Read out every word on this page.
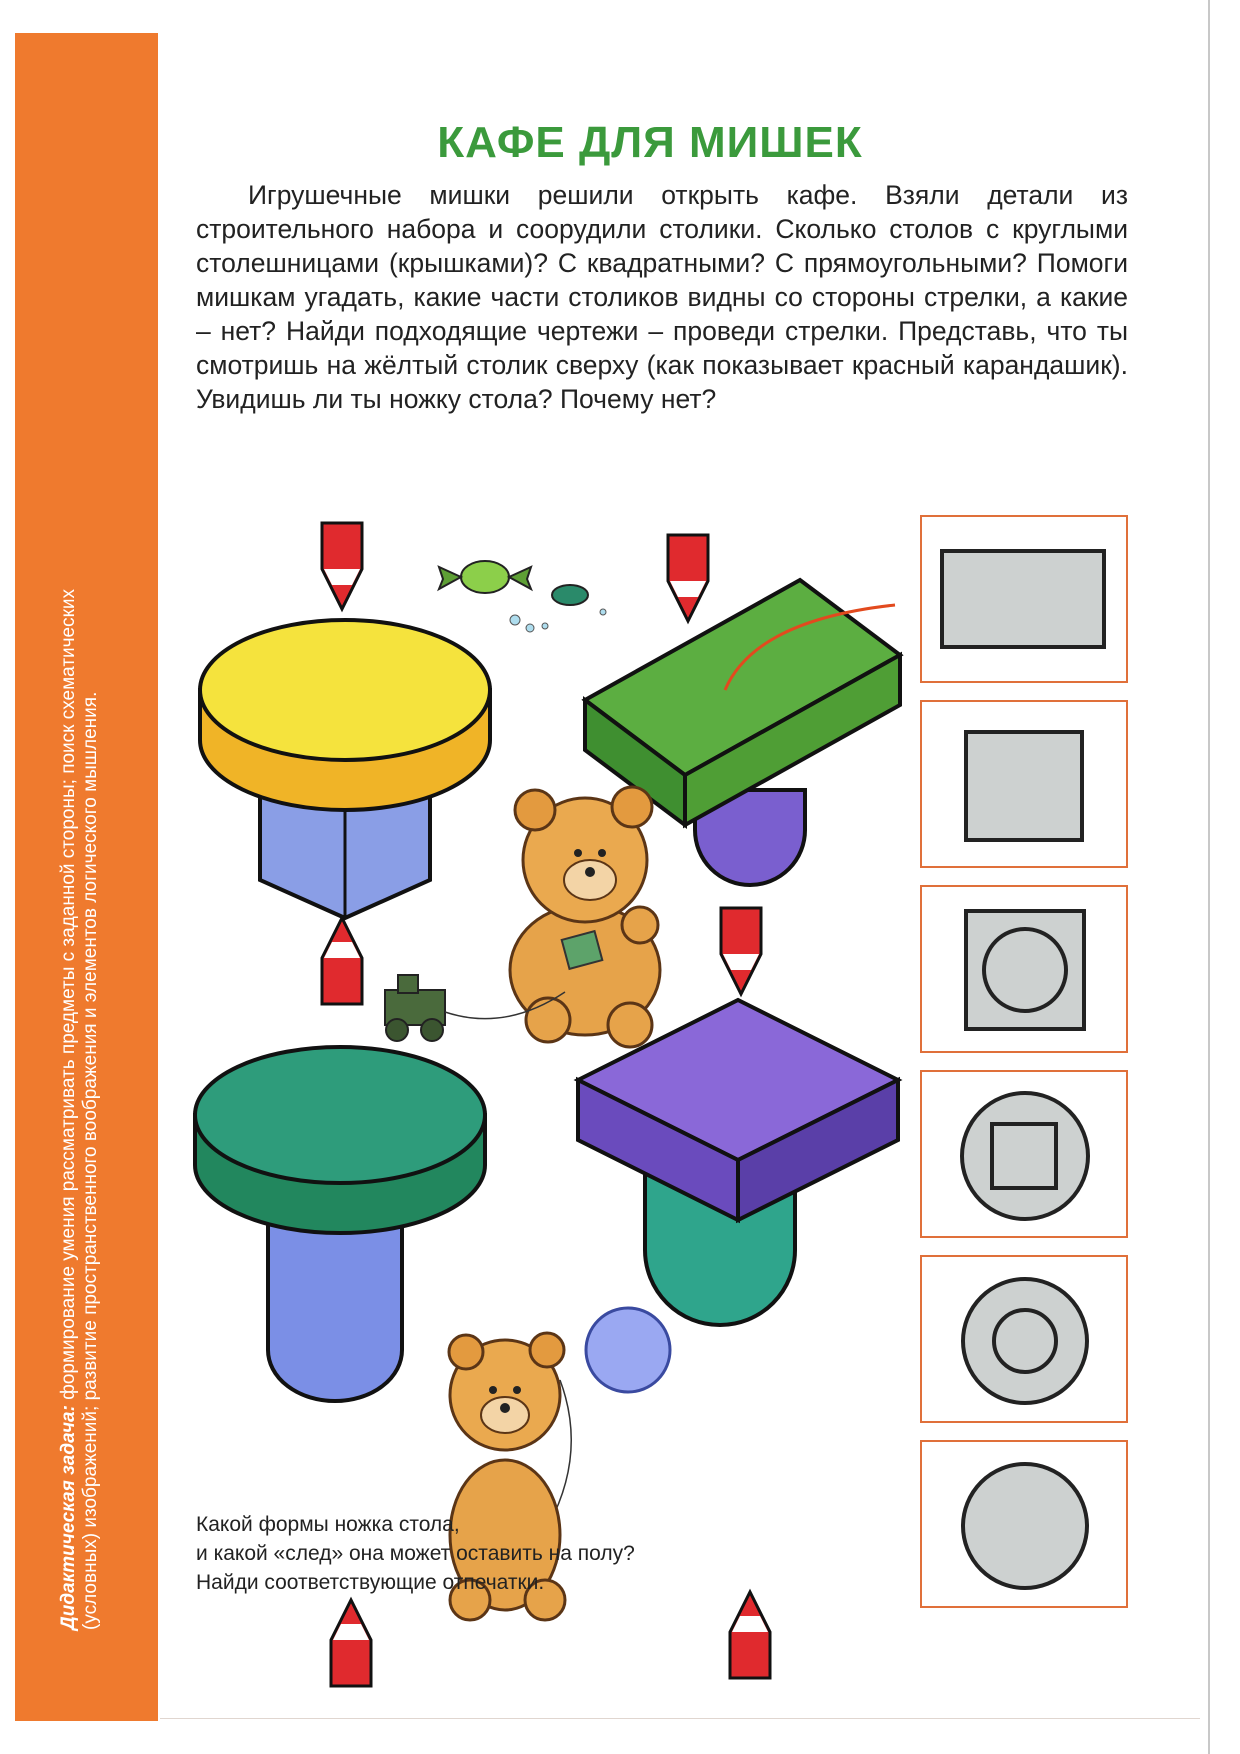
Дидактическая задача: формирование умения рассматривать предметы с заданной стороны; поиск схематических (условных) изображений; развитие пространственного воображения и элементов логического мышления.
КАФЕ ДЛЯ МИШЕК

Игрушечные мишки решили открыть кафе. Взяли детали из строительного набора и соорудили столики. Сколько столов с круглыми столешницами (крышками)? С квадратными? С прямоугольными? Помоги мишкам угадать, какие части столиков видны со стороны стрелки, а какие – нет? Найди подходящие чертежи – проведи стрелки. Представь, что ты смотришь на жёлтый столик сверху (как показывает красный карандашик). Увидишь ли ты ножку стола? Почему нет?

Какой формы ножка стола,
и какой «след» она может оставить на полу?
Найди соответствующие отпечатки.
